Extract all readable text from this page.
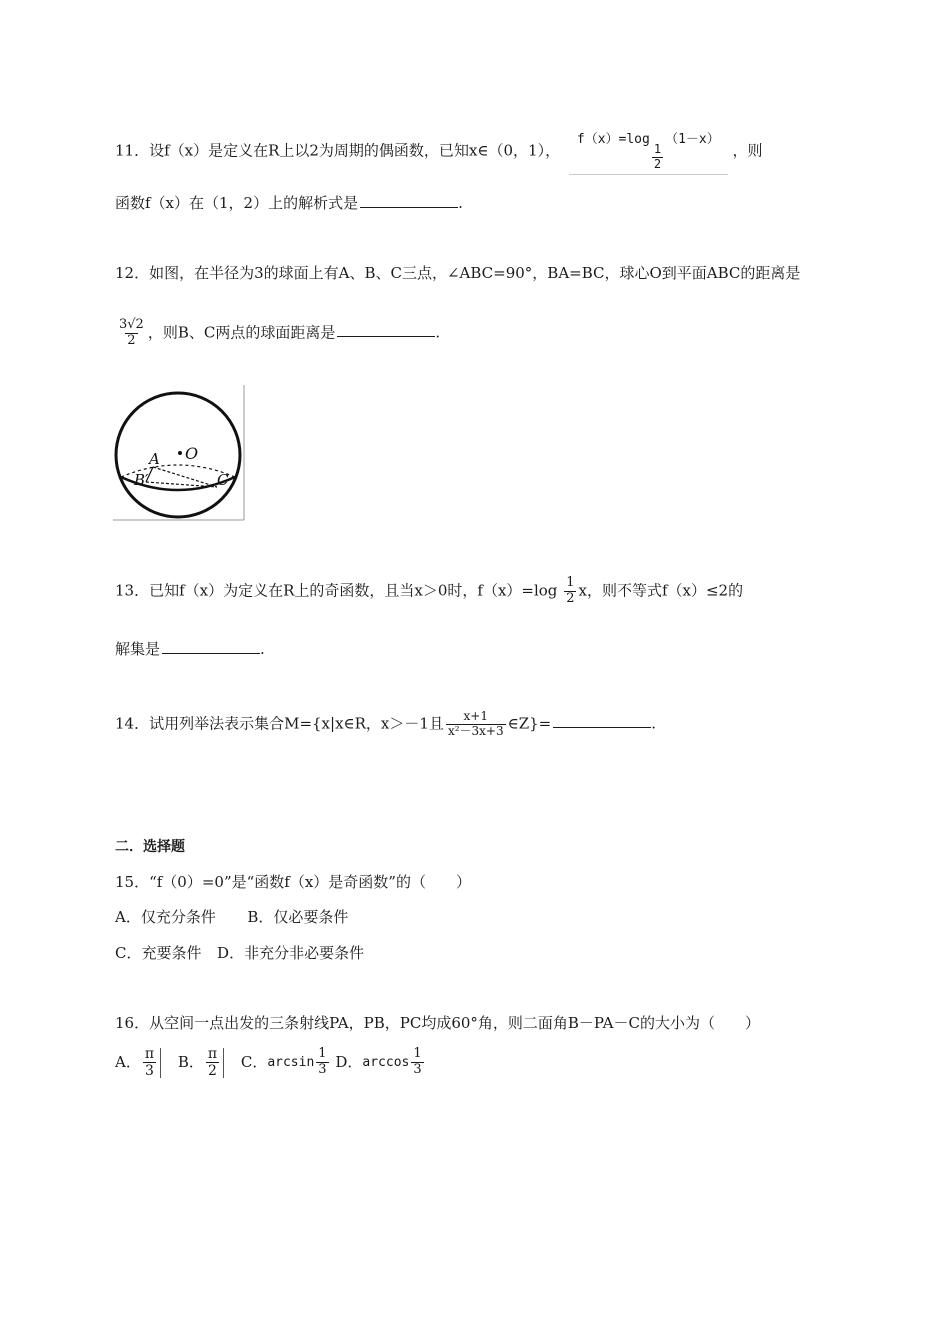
11．设f（x）是定义在R上以2为周期的偶函数，已知x∈（0，1）， f（x）=log
$\frac{1}{2}$
（1－x） ，则
函数f（x）在（1，2）上的解析式是	.
12．如图，在半径为3的球面上有A、B、C三点，∠ABC=90°，BA=BC，球心O到平面ABC的距离是
$\frac{3√2}{2}$ ，则B、C两点的球面距离是	.
A O
B′	C
13．已知f（x）为定义在R上的奇函数，且当x＞0时，$f(x)=\log \frac{1}{2}$ x，则不等式f（x）≤2的
解集是	.
14．试用列举法表示集合M={x|x∈R，x＞－1且 $\frac{x+1}{\text{x²－3x+3}}$ ∈Z}=	.
二．选择题
15．“f（0）=0”是“函数f（x）是奇函数”的（　　）
A．仅充分条件 B．仅必要条件
C．充要条件 D．非充分非必要条件
16．从空间一点出发的三条射线PA，PB，PC均成60°角，则二面角B－PA－C的大小为（　　）
A． $\frac{\pi}{3}$ B． $\frac{\pi}{2}$ C．$\arcsin \frac{1}{3}$ D．$\arccos \frac{1}{3}$
